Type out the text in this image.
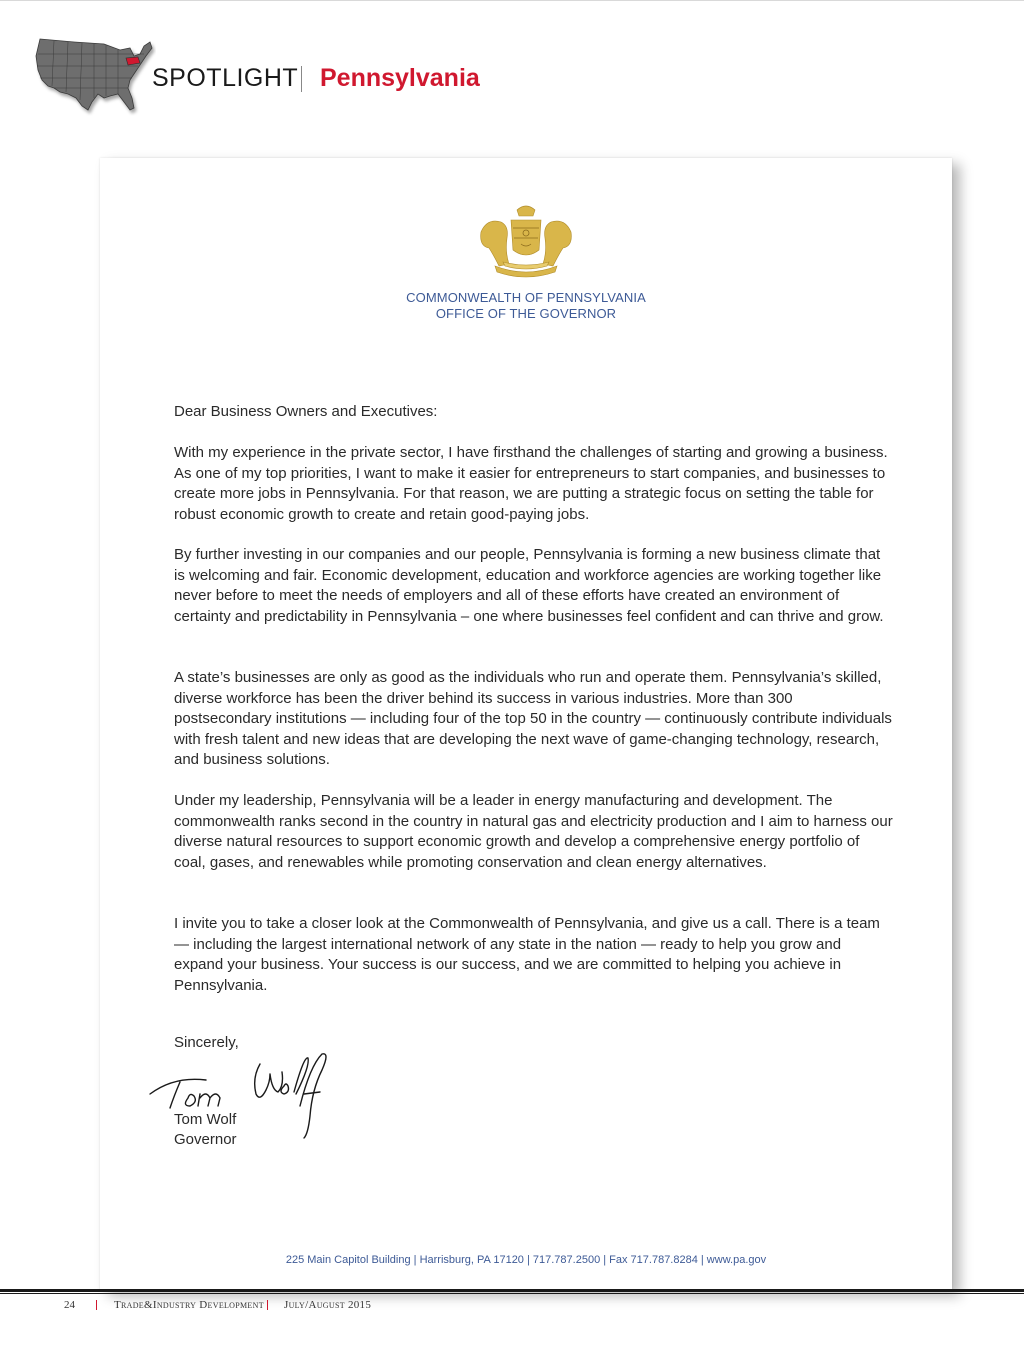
SPOTLIGHT Pennsylvania
COMMONWEALTH OF PENNSYLVANIA
OFFICE OF THE GOVERNOR
Dear Business Owners and Executives:

With my experience in the private sector, I have firsthand the challenges of starting and growing a business. As one of my top priorities, I want to make it easier for entrepreneurs to start companies, and businesses to create more jobs in Pennsylvania. For that reason, we are putting a strategic focus on setting the table for robust economic growth to create and retain good-paying jobs.

By further investing in our companies and our people, Pennsylvania is forming a new business climate that is welcoming and fair. Economic development, education and workforce agencies are working together like never before to meet the needs of employers and all of these efforts have created an environment of certainty and predictability in Pennsylvania – one where businesses feel confident and can thrive and grow.

A state’s businesses are only as good as the individuals who run and operate them. Pennsylvania’s skilled, diverse workforce has been the driver behind its success in various industries. More than 300 postsecondary institutions — including four of the top 50 in the country — continuously contribute individuals with fresh talent and new ideas that are developing the next wave of game-changing technology, research, and business solutions.

Under my leadership, Pennsylvania will be a leader in energy manufacturing and development. The commonwealth ranks second in the country in natural gas and electricity production and I aim to harness our diverse natural resources to support economic growth and develop a comprehensive energy portfolio of coal, gases, and renewables while promoting conservation and clean energy alternatives.

I invite you to take a closer look at the Commonwealth of Pennsylvania, and give us a call. There is a team — including the largest international network of any state in the nation — ready to help you grow and expand your business. Your success is our success, and we are committed to helping you achieve in Pennsylvania.

Sincerely,
Tom Wolf
Governor
225 Main Capitol Building | Harrisburg, PA 17120 | 717.787.2500 | Fax 717.787.8284 | www.pa.gov
24	Trade&Industry Development July/August 2015
